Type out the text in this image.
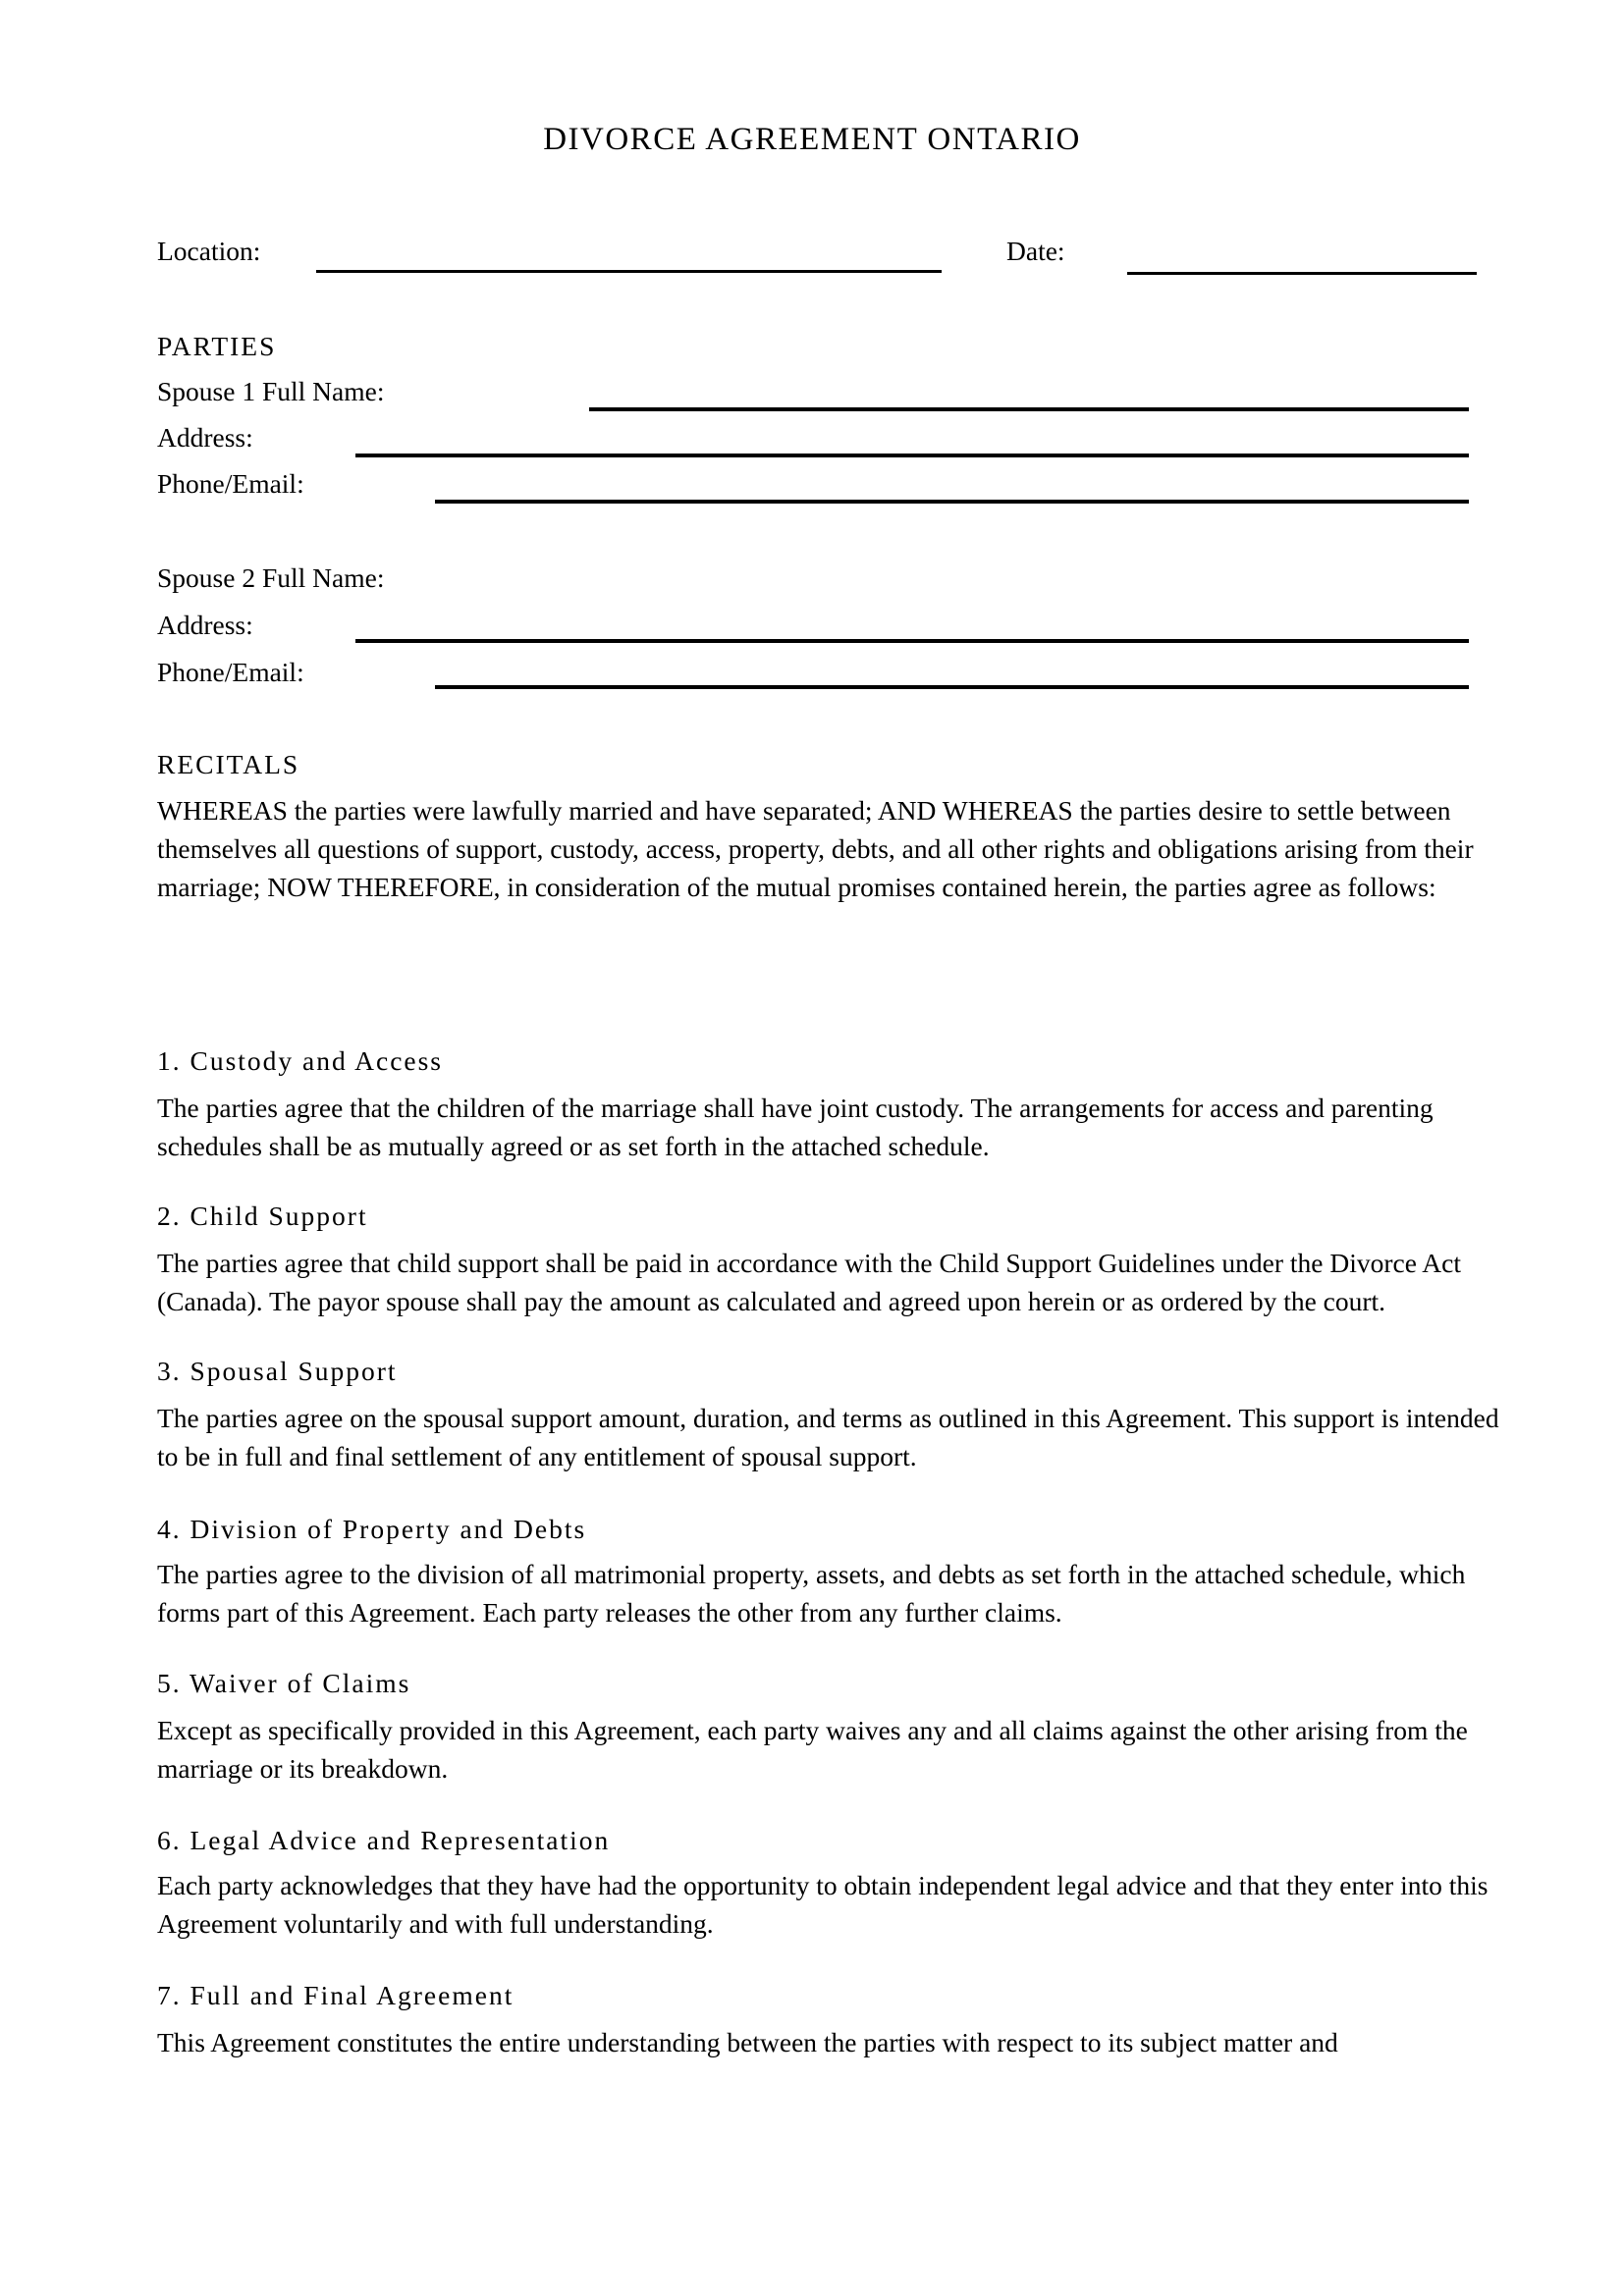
DIVORCE AGREEMENT ONTARIO
Location:	Date:
PARTIES
Spouse 1 Full Name:
Address:
Phone/Email:
Spouse 2 Full Name:
Address:
Phone/Email:
RECITALS
WHEREAS the parties were lawfully married and have separated; AND WHEREAS the parties desire to settle between themselves all questions of support, custody, access, property, debts, and all other rights and obligations arising from their marriage; NOW THEREFORE, in consideration of the mutual promises contained herein, the parties agree as follows:
1. Custody and Access
The parties agree that the children of the marriage shall have joint custody. The arrangements for access and parenting schedules shall be as mutually agreed or as set forth in the attached schedule.
2. Child Support
The parties agree that child support shall be paid in accordance with the Child Support Guidelines under the Divorce Act (Canada). The payor spouse shall pay the amount as calculated and agreed upon herein or as ordered by the court.
3. Spousal Support
The parties agree on the spousal support amount, duration, and terms as outlined in this Agreement. This support is intended to be in full and final settlement of any entitlement of spousal support.
4. Division of Property and Debts
The parties agree to the division of all matrimonial property, assets, and debts as set forth in the attached schedule, which forms part of this Agreement. Each party releases the other from any further claims.
5. Waiver of Claims
Except as specifically provided in this Agreement, each party waives any and all claims against the other arising from the marriage or its breakdown.
6. Legal Advice and Representation
Each party acknowledges that they have had the opportunity to obtain independent legal advice and that they enter into this Agreement voluntarily and with full understanding.
7. Full and Final Agreement
This Agreement constitutes the entire understanding between the parties with respect to its subject matter and
